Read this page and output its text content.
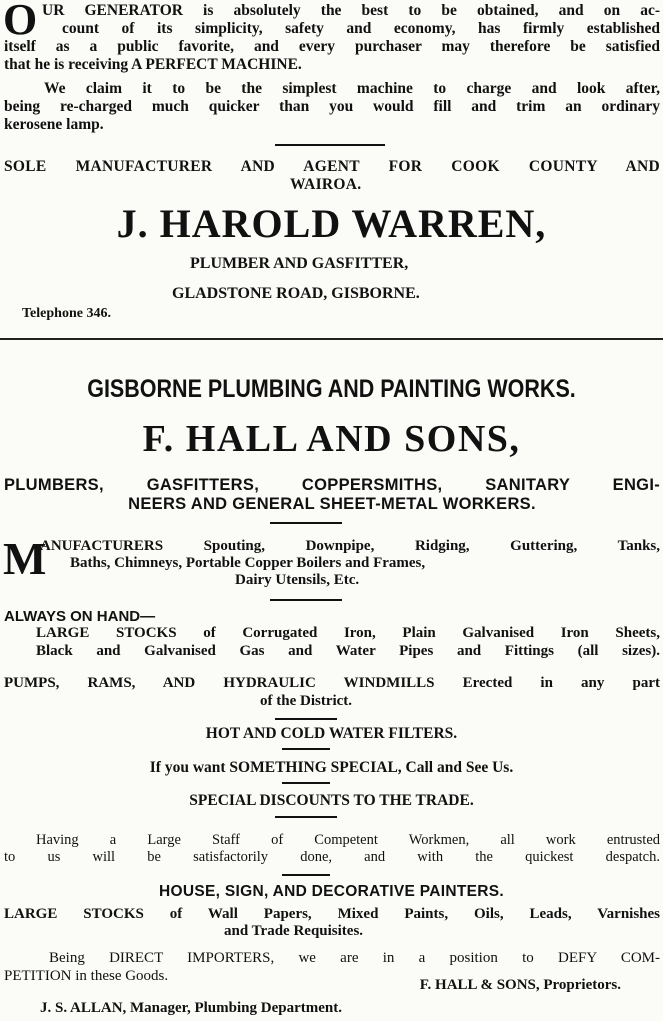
O UR GENERATOR is absolutely the best to be obtained, and on ac-
count of its simplicity, safety and economy, has firmly established
itself as a public favorite, and every purchaser may therefore be satisfied
that he is receiving A PERFECT MACHINE.
We claim it to be the simplest machine to charge and look after,
being re-charged much quicker than you would fill and trim an ordinary
kerosene lamp.
SOLE MANUFACTURER AND AGENT FOR COOK COUNTY AND
WAIROA.
J. HAROLD WARREN,
PLUMBER AND GASFITTER,
GLADSTONE ROAD, GISBORNE.
Telephone 346.
GISBORNE PLUMBING AND PAINTING WORKS.
F. HALL AND SONS,
PLUMBERS, GASFITTERS, COPPERSMITHS, SANITARY ENGI-
NEERS AND GENERAL SHEET-METAL WORKERS.
M
ANUFACTURERS Spouting, Downpipe, Ridging, Guttering, Tanks,
Baths, Chimneys, Portable Copper Boilers and Frames,
Dairy Utensils, Etc.
ALWAYS ON HAND—
LARGE STOCKS of Corrugated Iron, Plain Galvanised Iron Sheets,
Black and Galvanised Gas and Water Pipes and Fittings (all sizes).
PUMPS, RAMS, AND HYDRAULIC WINDMILLS Erected in any part
of the District.
HOT AND COLD WATER FILTERS.
If you want SOMETHING SPECIAL, Call and See Us.
SPECIAL DISCOUNTS TO THE TRADE.
Having a Large Staff of Competent Workmen, all work entrusted
to us will be satisfactorily done, and with the quickest despatch.
HOUSE, SIGN, AND DECORATIVE PAINTERS.
LARGE STOCKS of Wall Papers, Mixed Paints, Oils, Leads, Varnishes
and Trade Requisites.
Being DIRECT IMPORTERS, we are in a position to DEFY COM-
PETITION in these Goods.
F. HALL & SONS, Proprietors.
J. S. ALLAN, Manager, Plumbing Department.
